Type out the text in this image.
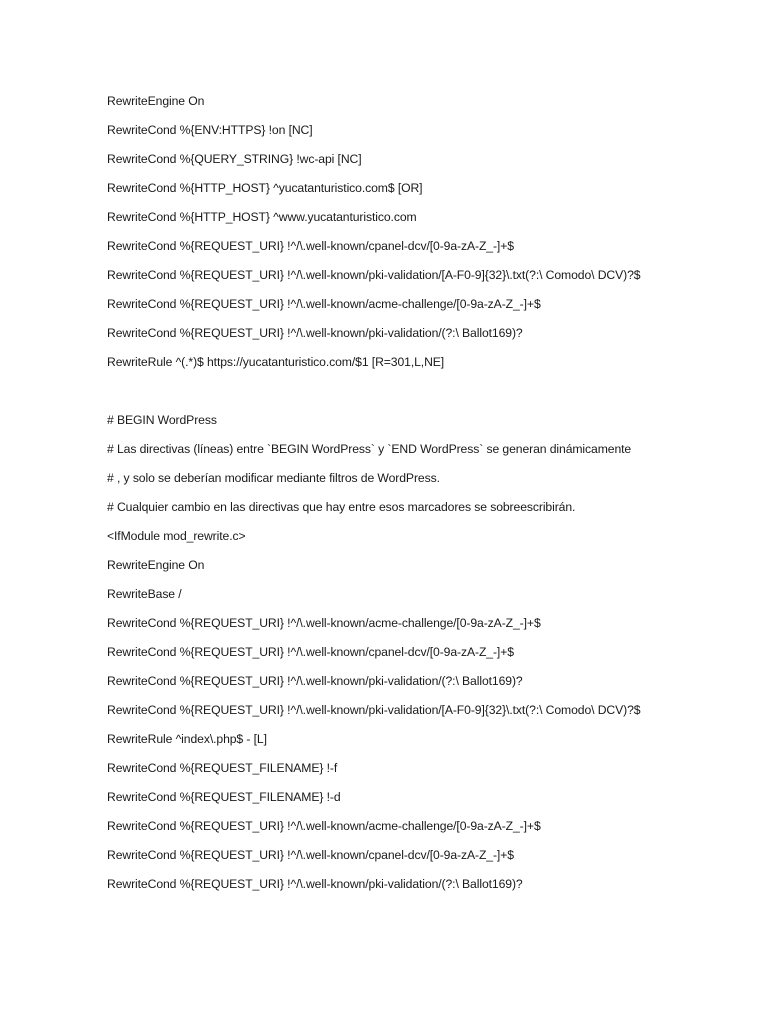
RewriteEngine On
RewriteCond %{ENV:HTTPS} !on [NC]
RewriteCond %{QUERY_STRING} !wc-api [NC]
RewriteCond %{HTTP_HOST} ^yucatanturistico.com$ [OR]
RewriteCond %{HTTP_HOST} ^www.yucatanturistico.com
RewriteCond %{REQUEST_URI} !^/\.well-known/cpanel-dcv/[0-9a-zA-Z_-]+$
RewriteCond %{REQUEST_URI} !^/\.well-known/pki-validation/[A-F0-9]{32}\.txt(?:\ Comodo\ DCV)?$
RewriteCond %{REQUEST_URI} !^/\.well-known/acme-challenge/[0-9a-zA-Z_-]+$
RewriteCond %{REQUEST_URI} !^/\.well-known/pki-validation/(?:\ Ballot169)?
RewriteRule ^(.*)$ https://yucatanturistico.com/$1 [R=301,L,NE]
# BEGIN WordPress
# Las directivas (líneas) entre `BEGIN WordPress` y `END WordPress` se generan dinámicamente
# , y solo se deberían modificar mediante filtros de WordPress.
# Cualquier cambio en las directivas que hay entre esos marcadores se sobreescribirán.
<IfModule mod_rewrite.c>
RewriteEngine On
RewriteBase /
RewriteCond %{REQUEST_URI} !^/\.well-known/acme-challenge/[0-9a-zA-Z_-]+$
RewriteCond %{REQUEST_URI} !^/\.well-known/cpanel-dcv/[0-9a-zA-Z_-]+$
RewriteCond %{REQUEST_URI} !^/\.well-known/pki-validation/(?:\ Ballot169)?
RewriteCond %{REQUEST_URI} !^/\.well-known/pki-validation/[A-F0-9]{32}\.txt(?:\ Comodo\ DCV)?$
RewriteRule ^index\.php$ - [L]
RewriteCond %{REQUEST_FILENAME} !-f
RewriteCond %{REQUEST_FILENAME} !-d
RewriteCond %{REQUEST_URI} !^/\.well-known/acme-challenge/[0-9a-zA-Z_-]+$
RewriteCond %{REQUEST_URI} !^/\.well-known/cpanel-dcv/[0-9a-zA-Z_-]+$
RewriteCond %{REQUEST_URI} !^/\.well-known/pki-validation/(?:\ Ballot169)?
